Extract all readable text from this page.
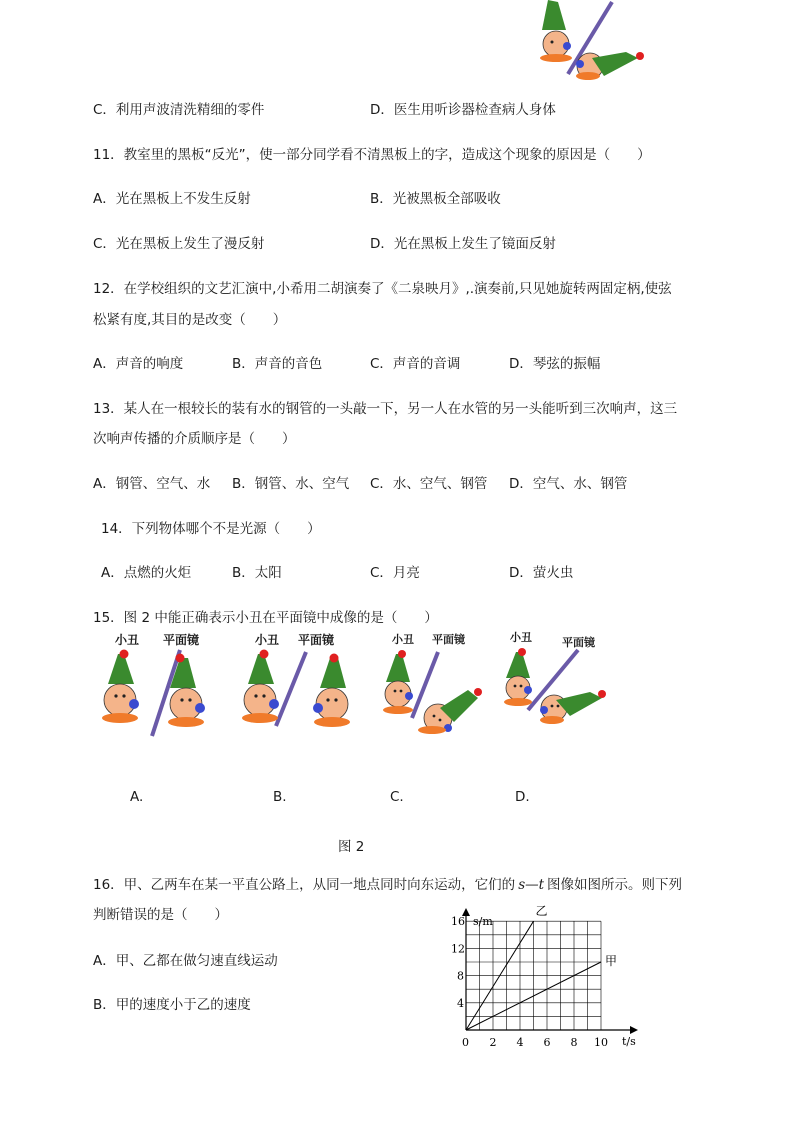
C．利用声波清洗精细的零件	D．医生用听诊器检查病人身体
11．教室里的黑板“反光”，使一部分同学看不清黑板上的字，造成这个现象的原因是（　　）
A．光在黑板上不发生反射	B．光被黑板全部吸收
C．光在黑板上发生了漫反射	D．光在黑板上发生了镜面反射
12．在学校组织的文艺汇演中,小希用二胡演奏了《二泉映月》,.演奏前,只见她旋转两固定柄,使弦
松紧有度,其目的是改变（　　）
A．声音的响度	B．声音的音色	C．声音的音调	D．琴弦的振幅
13．某人在一根较长的装有水的钢管的一头敲一下，另一人在水管的另一头能听到三次响声，这三
次响声传播的介质顺序是（　　）
A．钢管、空气、水 B．钢管、水、空气 C．水、空气、钢管 D．空气、水、钢管
14．下列物体哪个不是光源（　　）
A．点燃的火炬	B．太阳	C．月亮	D．萤火虫
15．图 2 中能正确表示小丑在平面镜中成像的是（　　）
小丑 平面镜	小丑 平面镜	小丑 平面镜	小丑	平面镜
A.	B.	C.	D.
图 2
16．甲、乙两车在某一平直公路上，从同一地点同时向东运动，它们的 s—t 图像如图所示。则下列
判断错误的是（　　）
A．甲、乙都在做匀速直线运动
B．甲的速度小于乙的速度
0 2 4 6 8 10
4
8
12
16
乙
甲
s/m
t/s
